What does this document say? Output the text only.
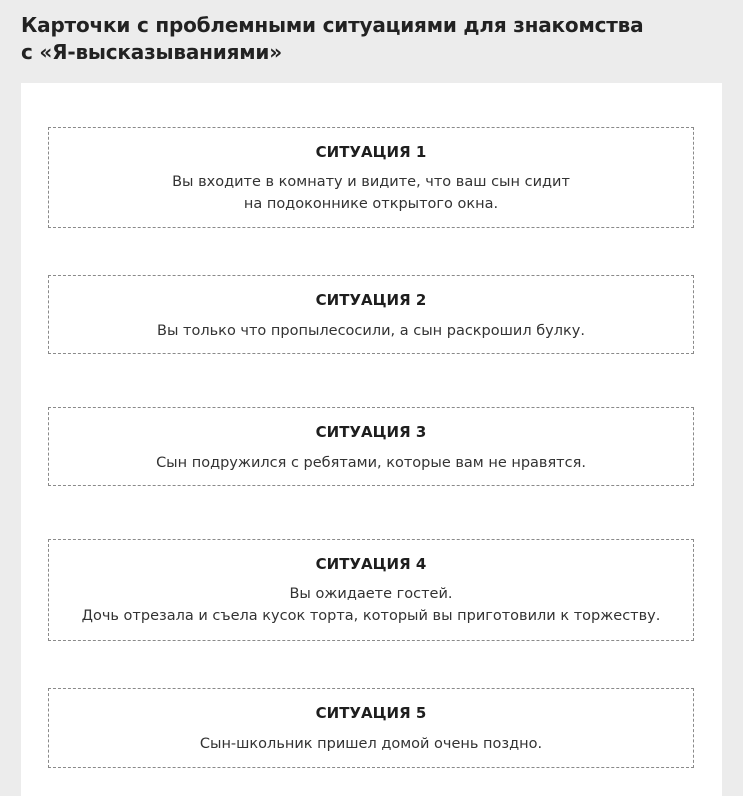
Карточки с проблемными ситуациями для знакомства
с «Я-высказываниями»
СИТУАЦИЯ 1
Вы входите в комнату и видите, что ваш сын сидит
на подоконнике открытого окна.
СИТУАЦИЯ 2
Вы только что пропылесосили, а сын раскрошил булку.
СИТУАЦИЯ 3
Сын подружился с ребятами, которые вам не нравятся.
СИТУАЦИЯ 4
Вы ожидаете гостей.
Дочь отрезала и съела кусок торта, который вы приготовили к торжеству.
СИТУАЦИЯ 5
Сын-школьник пришел домой очень поздно.
